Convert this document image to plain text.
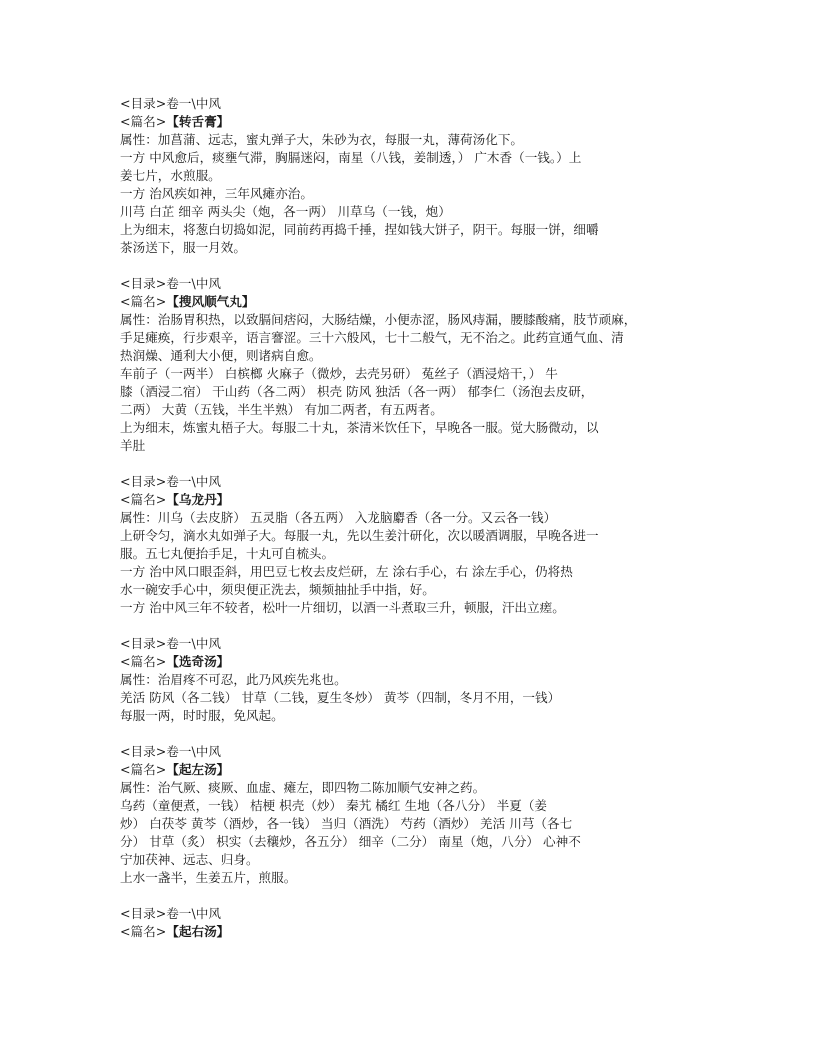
<目录>卷一\中风
<篇名>【转舌膏】
属性：加菖蒲、远志，蜜丸弹子大，朱砂为衣，每服一丸，薄荷汤化下。
一方 中风愈后，痰壅气滞，胸膈迷闷，南星（八钱，姜制透，） 广木香（一钱。）上
姜七片，水煎服。
一方 治风疾如神，三年风瘫亦治。
川芎 白芷 细辛 两头尖（炮，各一两） 川草乌（一钱，炮）
上为细末，将葱白切捣如泥，同前药再捣千捶，捏如钱大饼子，阴干。每服一饼，细嚼
茶汤送下，服一月效。
<目录>卷一\中风
<篇名>【搜风顺气丸】
属性：治肠胃积热，以致膈间痞闷，大肠结燥，小便赤涩，肠风痔漏，腰膝酸痛，肢节顽麻，
手足瘫痪，行步艰辛，语言謇涩。三十六般风，七十二般气，无不治之。此药宣通气血、清
热润燥、通利大小便，则诸病自愈。
车前子（一两半） 白槟榔 火麻子（微炒，去壳另研） 菟丝子（酒浸焙干，） 牛
膝（酒浸二宿） 干山药（各二两） 枳壳 防风 独活（各一两） 郁李仁（汤泡去皮研，
二两） 大黄（五钱，半生半熟） 有加二两者，有五两者。
上为细末，炼蜜丸梧子大。每服二十丸，茶清米饮任下，早晚各一服。觉大肠微动，以
羊肚
<目录>卷一\中风
<篇名>【乌龙丹】
属性：川乌（去皮脐） 五灵脂（各五两） 入龙脑麝香（各一分。又云各一钱）
上研令匀，滴水丸如弹子大。每服一丸，先以生姜汁研化，次以暖酒调服，早晚各进一
服。五七丸便抬手足，十丸可自梳头。
一方 治中风口眼歪斜，用巴豆七枚去皮烂研，左 涂右手心，右 涂左手心，仍将热
水一碗安手心中，须臾便正洗去，频频抽扯手中指，好。
一方 治中风三年不较者，松叶一片细切，以酒一斗煮取三升，顿服，汗出立瘥。
<目录>卷一\中风
<篇名>【选奇汤】
属性：治眉疼不可忍，此乃风疾先兆也。
羌活 防风（各二钱） 甘草（二钱，夏生冬炒） 黄芩（四制，冬月不用，一钱）
每服一两，时时服，免风起。
<目录>卷一\中风
<篇名>【起左汤】
属性：治气厥、痰厥、血虚、瘫左，即四物二陈加顺气安神之药。
乌药（童便煮，一钱） 桔梗 枳壳（炒） 秦艽 橘红 生地（各八分） 半夏（姜
炒） 白茯苓 黄芩（酒炒，各一钱） 当归（酒洗） 芍药（酒炒） 羌活 川芎（各七
分） 甘草（炙） 枳实（去穰炒，各五分） 细辛（二分） 南星（炮，八分） 心神不
宁加茯神、远志、归身。
上水一盏半，生姜五片，煎服。
<目录>卷一\中风
<篇名>【起右汤】
